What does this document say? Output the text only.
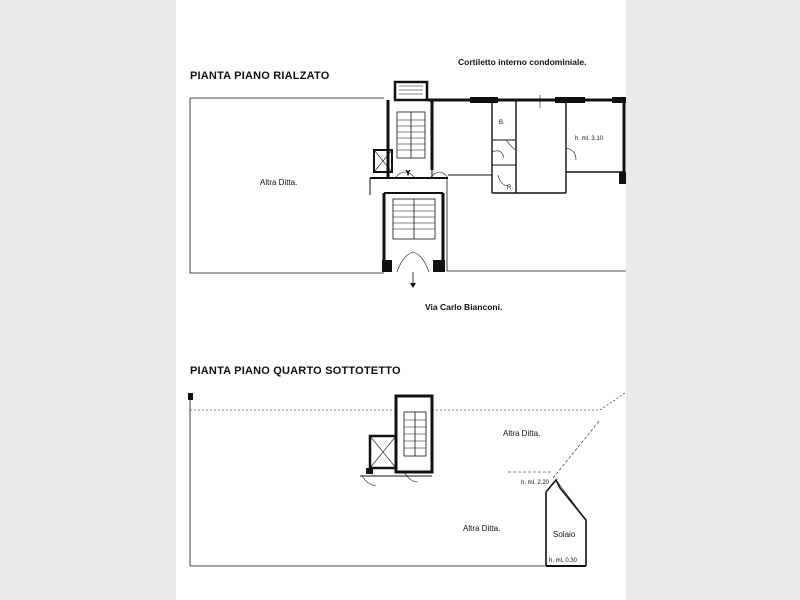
PIANTA PIANO RIALZATO
Cortiletto interno condominiale.
Y
Altra Ditta.
B.
R.
h. ml. 3.10
Via Carlo Bianconi.
PIANTA PIANO QUARTO SOTTOTETTO
Altra Ditta.
Altra Ditta.
h. ml. 2.20
Solaio
h. ml. 0.30
